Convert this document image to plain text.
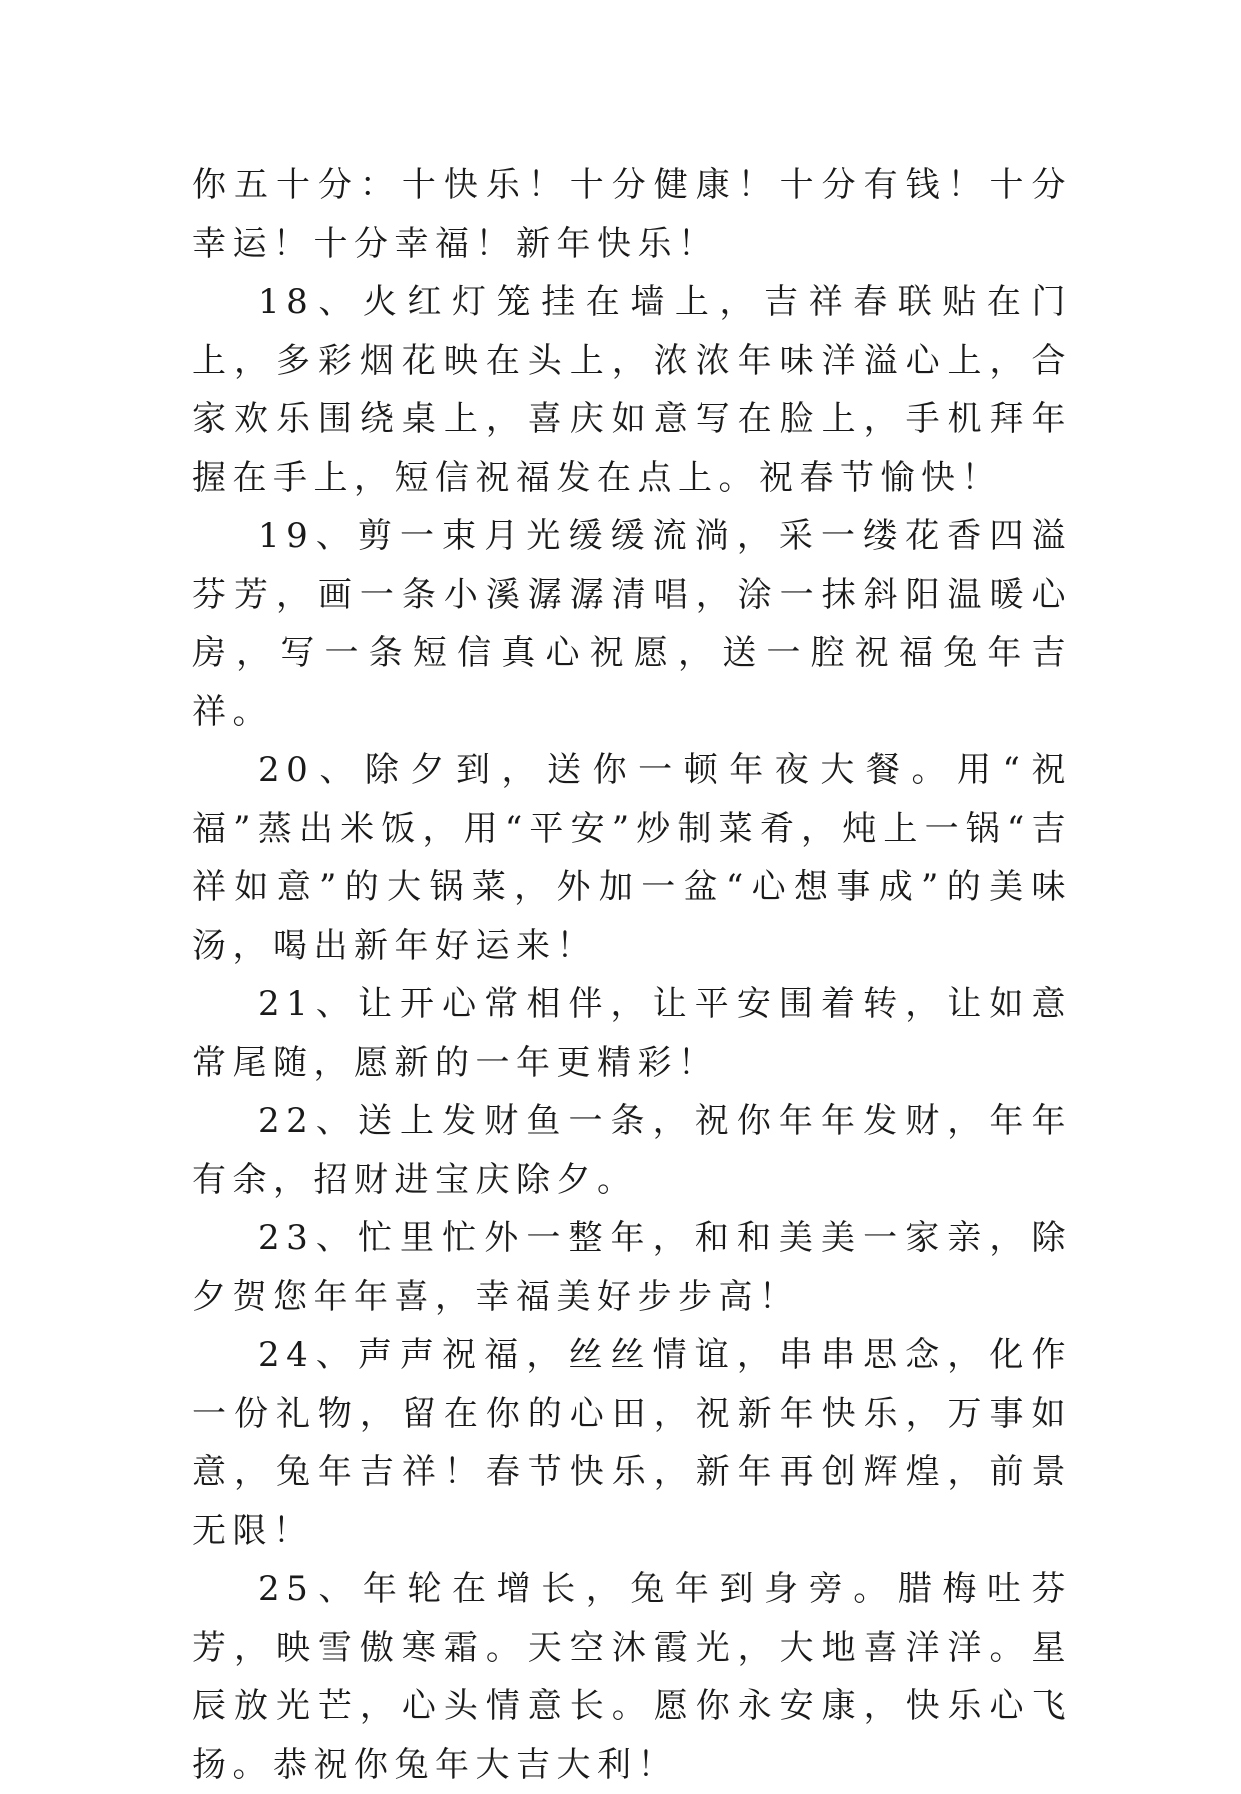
你五十分：十快乐！十分健康！十分有钱！十分幸运！十分幸福！新年快乐！

18、火红灯笼挂在墙上，吉祥春联贴在门上，多彩烟花映在头上，浓浓年味洋溢心上，合家欢乐围绕桌上，喜庆如意写在脸上，手机拜年握在手上，短信祝福发在点上。祝春节愉快！

19、剪一束月光缓缓流淌，采一缕花香四溢芬芳，画一条小溪潺潺清唱，涂一抹斜阳温暖心房，写一条短信真心祝愿，送一腔祝福兔年吉祥。

20、除夕到，送你一顿年夜大餐。用“祝福”蒸出米饭，用“平安”炒制菜肴，炖上一锅“吉祥如意”的大锅菜，外加一盆“心想事成”的美味汤，喝出新年好运来！

21、让开心常相伴，让平安围着转，让如意常尾随，愿新的一年更精彩！

22、送上发财鱼一条，祝你年年发财，年年有余，招财进宝庆除夕。

23、忙里忙外一整年，和和美美一家亲，除夕贺您年年喜，幸福美好步步高！

24、声声祝福，丝丝情谊，串串思念，化作一份礼物，留在你的心田，祝新年快乐，万事如意，兔年吉祥！春节快乐，新年再创辉煌，前景无限！

25、年轮在增长，兔年到身旁。腊梅吐芬芳，映雪傲寒霜。天空沐霞光，大地喜洋洋。星辰放光芒，心头情意长。愿你永安康，快乐心飞扬。恭祝你兔年大吉大利！
